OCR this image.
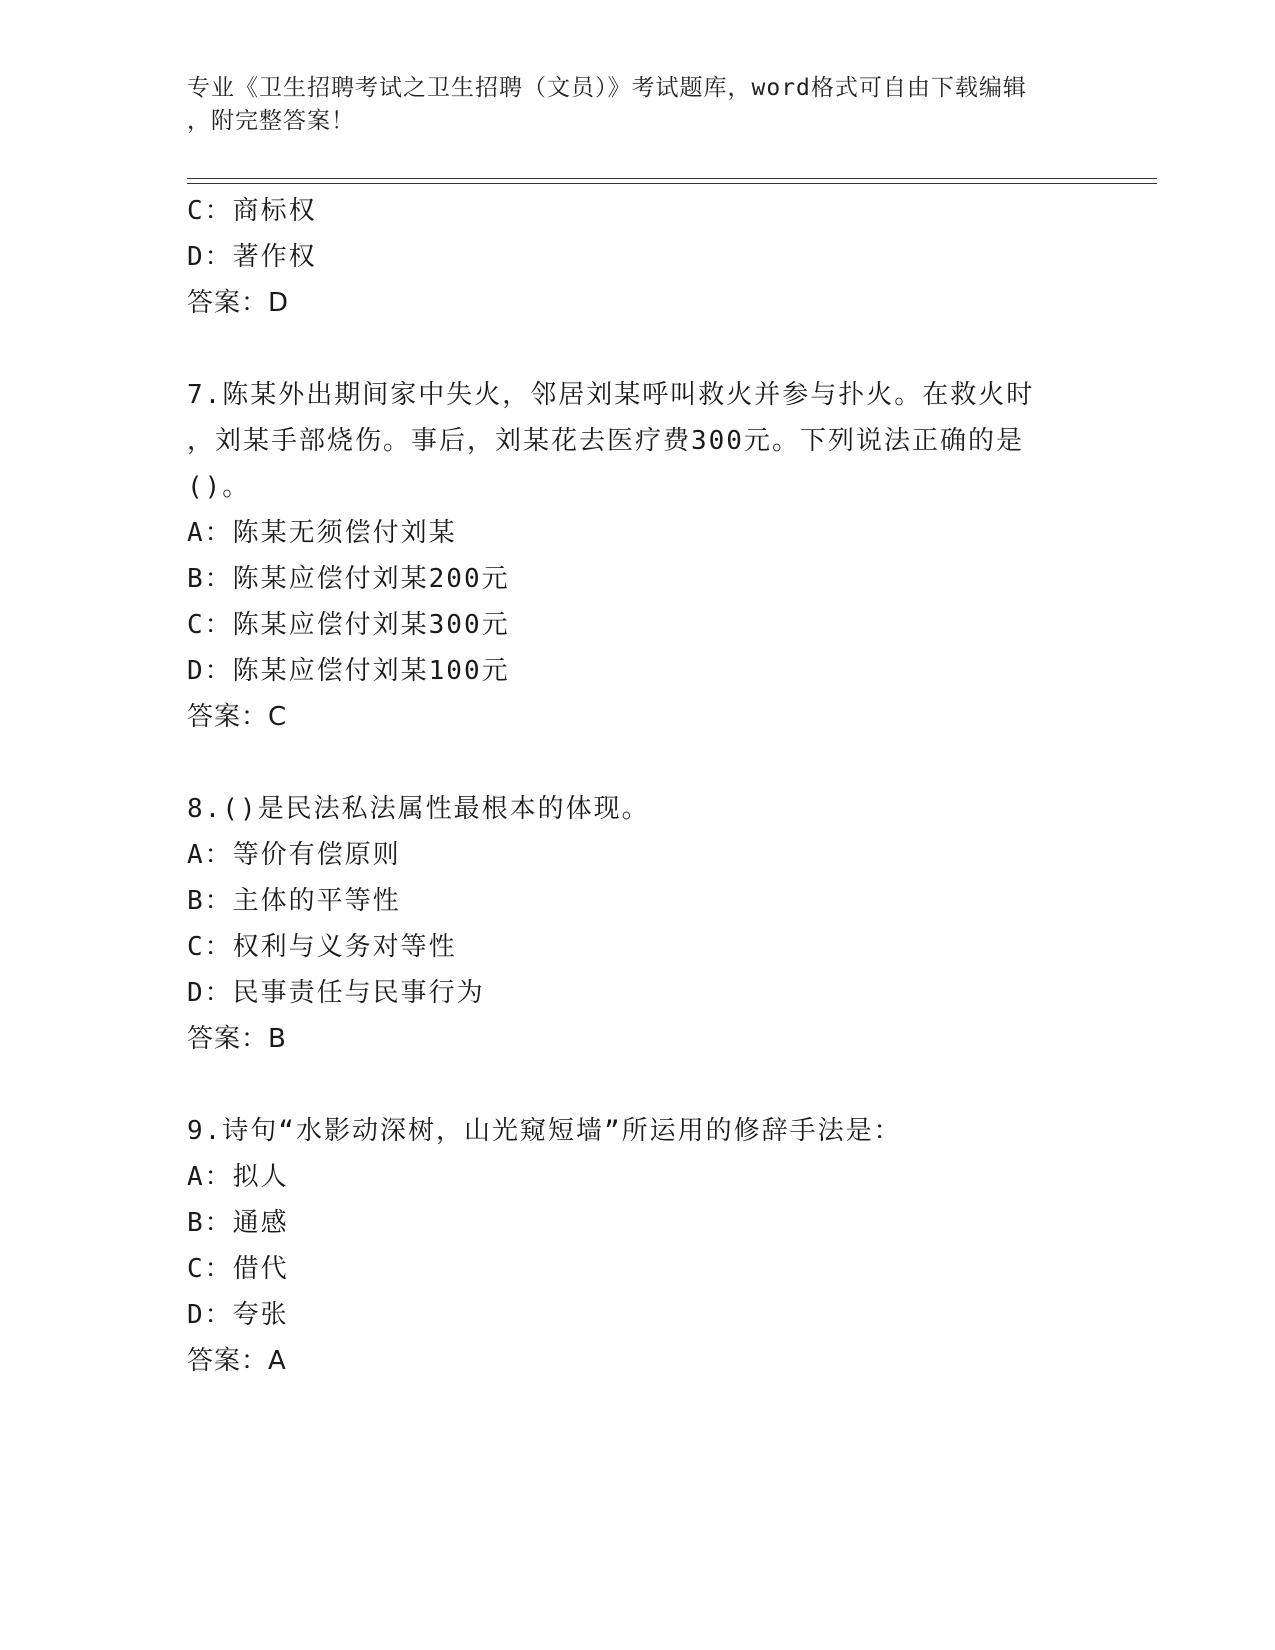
专业《卫生招聘考试之卫生招聘（文员）》考试题库，word格式可自由下载编辑
，附完整答案！
C：商标权
D：著作权
答案：D
7.陈某外出期间家中失火，邻居刘某呼叫救火并参与扑火。在救火时
，刘某手部烧伤。事后，刘某花去医疗费300元。下列说法正确的是
()。
A：陈某无须偿付刘某
B：陈某应偿付刘某200元
C：陈某应偿付刘某300元
D：陈某应偿付刘某100元
答案：C
8.()是民法私法属性最根本的体现。
A：等价有偿原则
B：主体的平等性
C：权利与义务对等性
D：民事责任与民事行为
答案：B
9.诗句“水影动深树，山光窥短墙”所运用的修辞手法是：
A：拟人
B：通感
C：借代
D：夸张
答案：A
